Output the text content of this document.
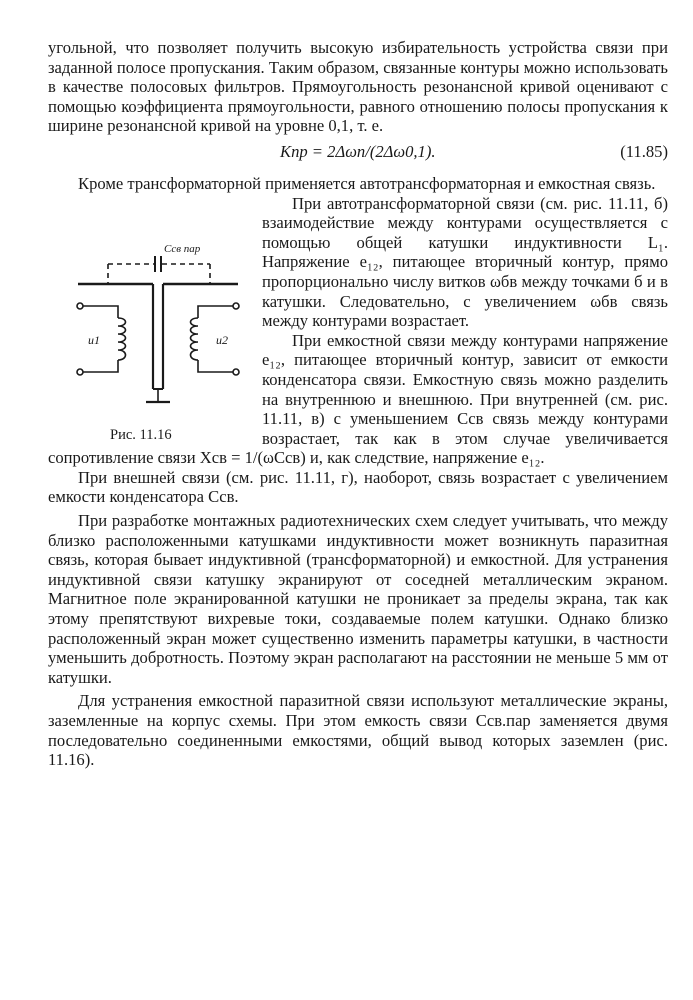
угольной, что позволяет получить высокую избирательность устройства связи при заданной полосе пропускания. Таким образом, связанные контуры можно использовать в качестве полосовых фильтров. Прямоугольность резонансной кривой оценивают с помощью коэффициента прямоугольности, равного отношению полосы пропускания к ширине резонансной кривой на уровне 0,1, т. е.

Kпр = 2Δωп/(2Δω0,1).	(11.85)

Кроме трансформаторной применяется автотрансформаторная и емкостная связь.

Cсв пар
u1	u2
Рис. 11.16

При автотрансформаторной связи (см. рис. 11.11, б) взаимодействие между контурами осуществляется с помощью общей катушки индуктивности L₁. Напряжение e₁₂, питающее вторичный контур, прямо пропорционально числу витков ωбв между точками б и в катушки. Следовательно, с увеличением ωбв связь между контурами возрастает.

При емкостной связи между контурами напряжение e₁₂, питающее вторичный контур, зависит от емкости конденсатора связи. Емкостную связь можно разделить на внутреннюю и внешнюю. При внутренней (см. рис. 11.11, в) с уменьшением Cсв связь между контурами возрастает, так как в этом случае увеличивается сопротивление связи Xсв = 1/(ωCсв) и, как следствие, напряжение e₁₂.

При внешней связи (см. рис. 11.11, г), наоборот, связь возрастает с увеличением емкости конденсатора Cсв.

При разработке монтажных радиотехнических схем следует учитывать, что между близко расположенными катушками индуктивности может возникнуть паразитная связь, которая бывает индуктивной (трансформаторной) и емкостной. Для устранения индуктивной связи катушку экранируют от соседней металлическим экраном. Магнитное поле экранированной катушки не проникает за пределы экрана, так как этому препятствуют вихревые токи, создаваемые полем катушки. Однако близко расположенный экран может существенно изменить параметры катушки, в частности уменьшить добротность. Поэтому экран располагают на расстоянии не меньше 5 мм от катушки.

Для устранения емкостной паразитной связи используют металлические экраны, заземленные на корпус схемы. При этом емкость связи Cсв.пар заменяется двумя последовательно соединенными емкостями, общий вывод которых заземлен (рис. 11.16).
